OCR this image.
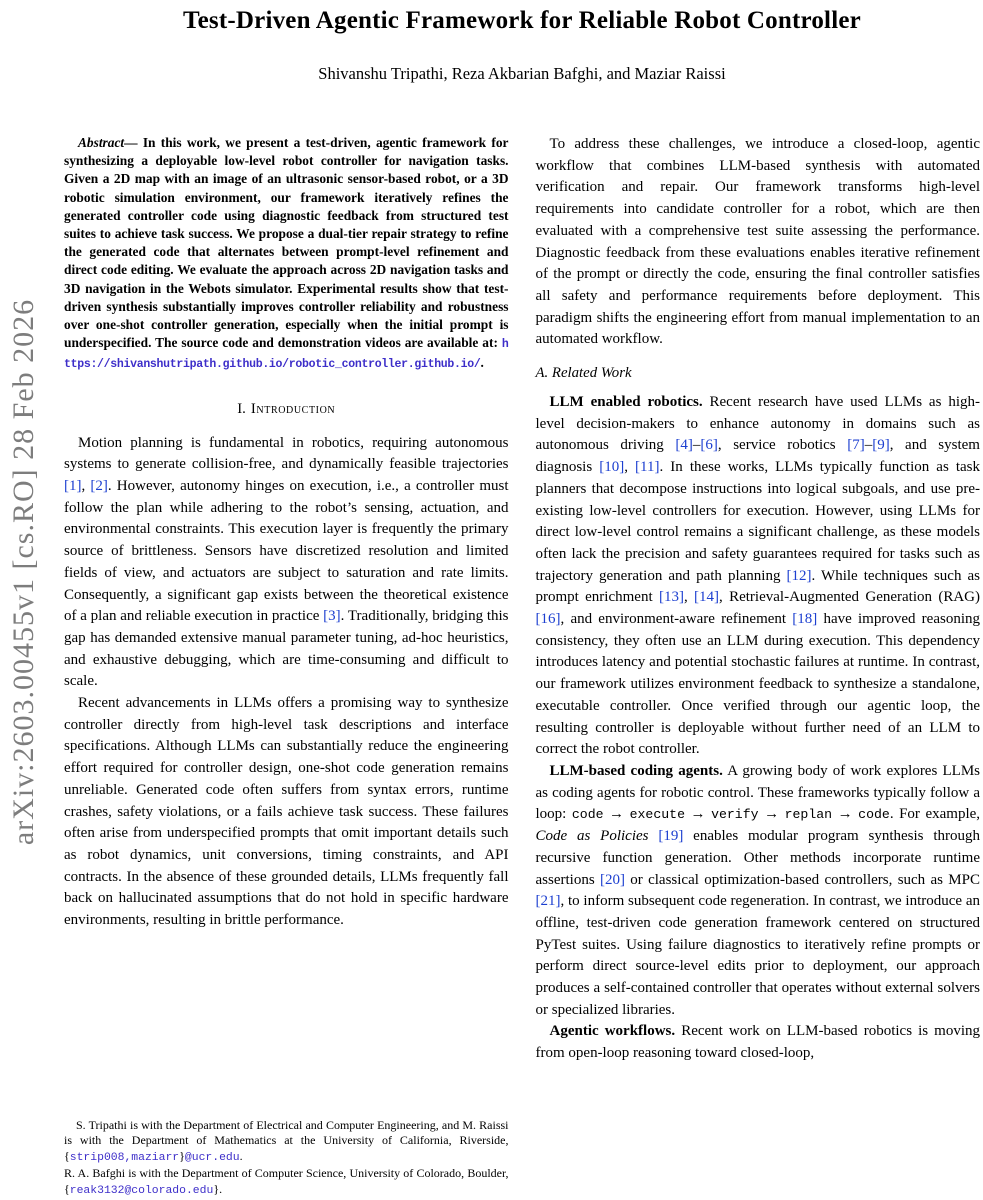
arXiv:2603.00455v1 [cs.RO] 28 Feb 2026
Test-Driven Agentic Framework for Reliable Robot Controller
Shivanshu Tripathi, Reza Akbarian Bafghi, and Maziar Raissi

Abstract— In this work, we present a test-driven, agentic framework for synthesizing a deployable low-level robot controller for navigation tasks. Given a 2D map with an image of an ultrasonic sensor-based robot, or a 3D robotic simulation environment, our framework iteratively refines the generated controller code using diagnostic feedback from structured test suites to achieve task success. We propose a dual-tier repair strategy to refine the generated code that alternates between prompt-level refinement and direct code editing. We evaluate the approach across 2D navigation tasks and 3D navigation in the Webots simulator. Experimental results show that test-driven synthesis substantially improves controller reliability and robustness over one-shot controller generation, especially when the initial prompt is underspecified. The source code and demonstration videos are available at: https://shivanshutripath.github.io/robotic_controller.github.io/.

I. Introduction

Motion planning is fundamental in robotics, requiring autonomous systems to generate collision-free, and dynamically feasible trajectories [1], [2]. However, autonomy hinges on execution, i.e., a controller must follow the plan while adhering to the robot’s sensing, actuation, and environmental constraints. This execution layer is frequently the primary source of brittleness. Sensors have discretized resolution and limited fields of view, and actuators are subject to saturation and rate limits. Consequently, a significant gap exists between the theoretical existence of a plan and reliable execution in practice [3]. Traditionally, bridging this gap has demanded extensive manual parameter tuning, ad-hoc heuristics, and exhaustive debugging, which are time-consuming and difficult to scale.

Recent advancements in LLMs offers a promising way to synthesize controller directly from high-level task descriptions and interface specifications. Although LLMs can substantially reduce the engineering effort required for controller design, one-shot code generation remains unreliable. Generated code often suffers from syntax errors, runtime crashes, safety violations, or a fails achieve task success. These failures often arise from underspecified prompts that omit important details such as robot dynamics, unit conversions, timing constraints, and API contracts. In the absence of these grounded details, LLMs frequently fall back on hallucinated assumptions that do not hold in specific hardware environments, resulting in brittle performance.

S. Tripathi is with the Department of Electrical and Computer Engineering, and M. Raissi is with the Department of Mathematics at the University of California, Riverside, {strip008,maziarr}@ucr.edu.

R. A. Bafghi is with the Department of Computer Science, University of Colorado, Boulder, {reak3132@colorado.edu}.

To address these challenges, we introduce a closed-loop, agentic workflow that combines LLM-based synthesis with automated verification and repair. Our framework transforms high-level requirements into candidate controller for a robot, which are then evaluated with a comprehensive test suite assessing the performance. Diagnostic feedback from these evaluations enables iterative refinement of the prompt or directly the code, ensuring the final controller satisfies all safety and performance requirements before deployment. This paradigm shifts the engineering effort from manual implementation to an automated workflow.

A. Related Work

LLM enabled robotics. Recent research have used LLMs as high-level decision-makers to enhance autonomy in domains such as autonomous driving [4]–[6], service robotics [7]–[9], and system diagnosis [10], [11]. In these works, LLMs typically function as task planners that decompose instructions into logical subgoals, and use pre-existing low-level controllers for execution. However, using LLMs for direct low-level control remains a significant challenge, as these models often lack the precision and safety guarantees required for tasks such as trajectory generation and path planning [12]. While techniques such as prompt enrichment [13], [14], Retrieval-Augmented Generation (RAG) [16], and environment-aware refinement [18] have improved reasoning consistency, they often use an LLM during execution. This dependency introduces latency and potential stochastic failures at runtime. In contrast, our framework utilizes environment feedback to synthesize a standalone, executable controller. Once verified through our agentic loop, the resulting controller is deployable without further need of an LLM to correct the robot controller.

LLM-based coding agents. A growing body of work explores LLMs as coding agents for robotic control. These frameworks typically follow a loop: code → execute → verify → replan → code. For example, Code as Policies [19] enables modular program synthesis through recursive function generation. Other methods incorporate runtime assertions [20] or classical optimization-based controllers, such as MPC [21], to inform subsequent code regeneration. In contrast, we introduce an offline, test-driven code generation framework centered on structured PyTest suites. Using failure diagnostics to iteratively refine prompts or perform direct source-level edits prior to deployment, our approach produces a self-contained controller that operates without external solvers or specialized libraries.

Agentic workflows. Recent work on LLM-based robotics is moving from open-loop reasoning toward closed-loop,
